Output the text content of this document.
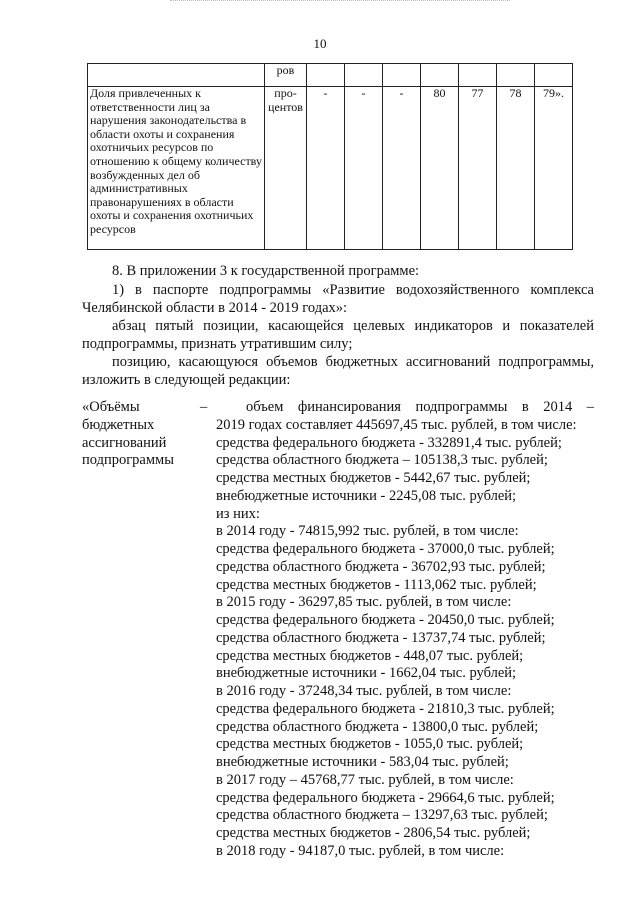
10
	ров							
Доля привлеченных к ответственности лиц за нарушения законодательства в области охоты и сохранения охотничьих ресурсов по отношению к общему количеству возбужденных дел об административных правонарушениях в области охоты и сохранения охотничьих ресурсов	про-центов	-	-	-	80	77	78	79».
8. В приложении 3 к государственной программе:
1) в паспорте подпрограммы «Развитие водохозяйственного комплекса Челябинской области в 2014 - 2019 годах»:
абзац пятый позиции, касающейся целевых индикаторов и показателей подпрограммы, признать утратившим силу;
позицию, касающуюся объемов бюджетных ассигнований подпрограммы, изложить в следующей редакции:
«Объёмы бюджетных ассигнований подпрограммы
–	объем финансирования подпрограммы в 2014 –
2019 годах составляет 445697,45 тыс. рублей, в том числе:
средства федерального бюджета - 332891,4 тыс. рублей;
средства областного бюджета – 105138,3 тыс. рублей;
средства местных бюджетов - 5442,67 тыс. рублей;
внебюджетные источники - 2245,08 тыс. рублей;
из них:
в 2014 году - 74815,992 тыс. рублей, в том числе:
средства федерального бюджета - 37000,0 тыс. рублей;
средства областного бюджета - 36702,93 тыс. рублей;
средства местных бюджетов - 1113,062 тыс. рублей;
в 2015 году - 36297,85 тыс. рублей, в том числе:
средства федерального бюджета - 20450,0 тыс. рублей;
средства областного бюджета - 13737,74 тыс. рублей;
средства местных бюджетов - 448,07 тыс. рублей;
внебюджетные источники - 1662,04 тыс. рублей;
в 2016 году - 37248,34 тыс. рублей, в том числе:
средства федерального бюджета - 21810,3 тыс. рублей;
средства областного бюджета - 13800,0 тыс. рублей;
средства местных бюджетов - 1055,0 тыс. рублей;
внебюджетные источники - 583,04 тыс. рублей;
в 2017 году – 45768,77 тыс. рублей, в том числе:
средства федерального бюджета - 29664,6 тыс. рублей;
средства областного бюджета – 13297,63 тыс. рублей;
средства местных бюджетов - 2806,54 тыс. рублей;
в 2018 году - 94187,0 тыс. рублей, в том числе:
